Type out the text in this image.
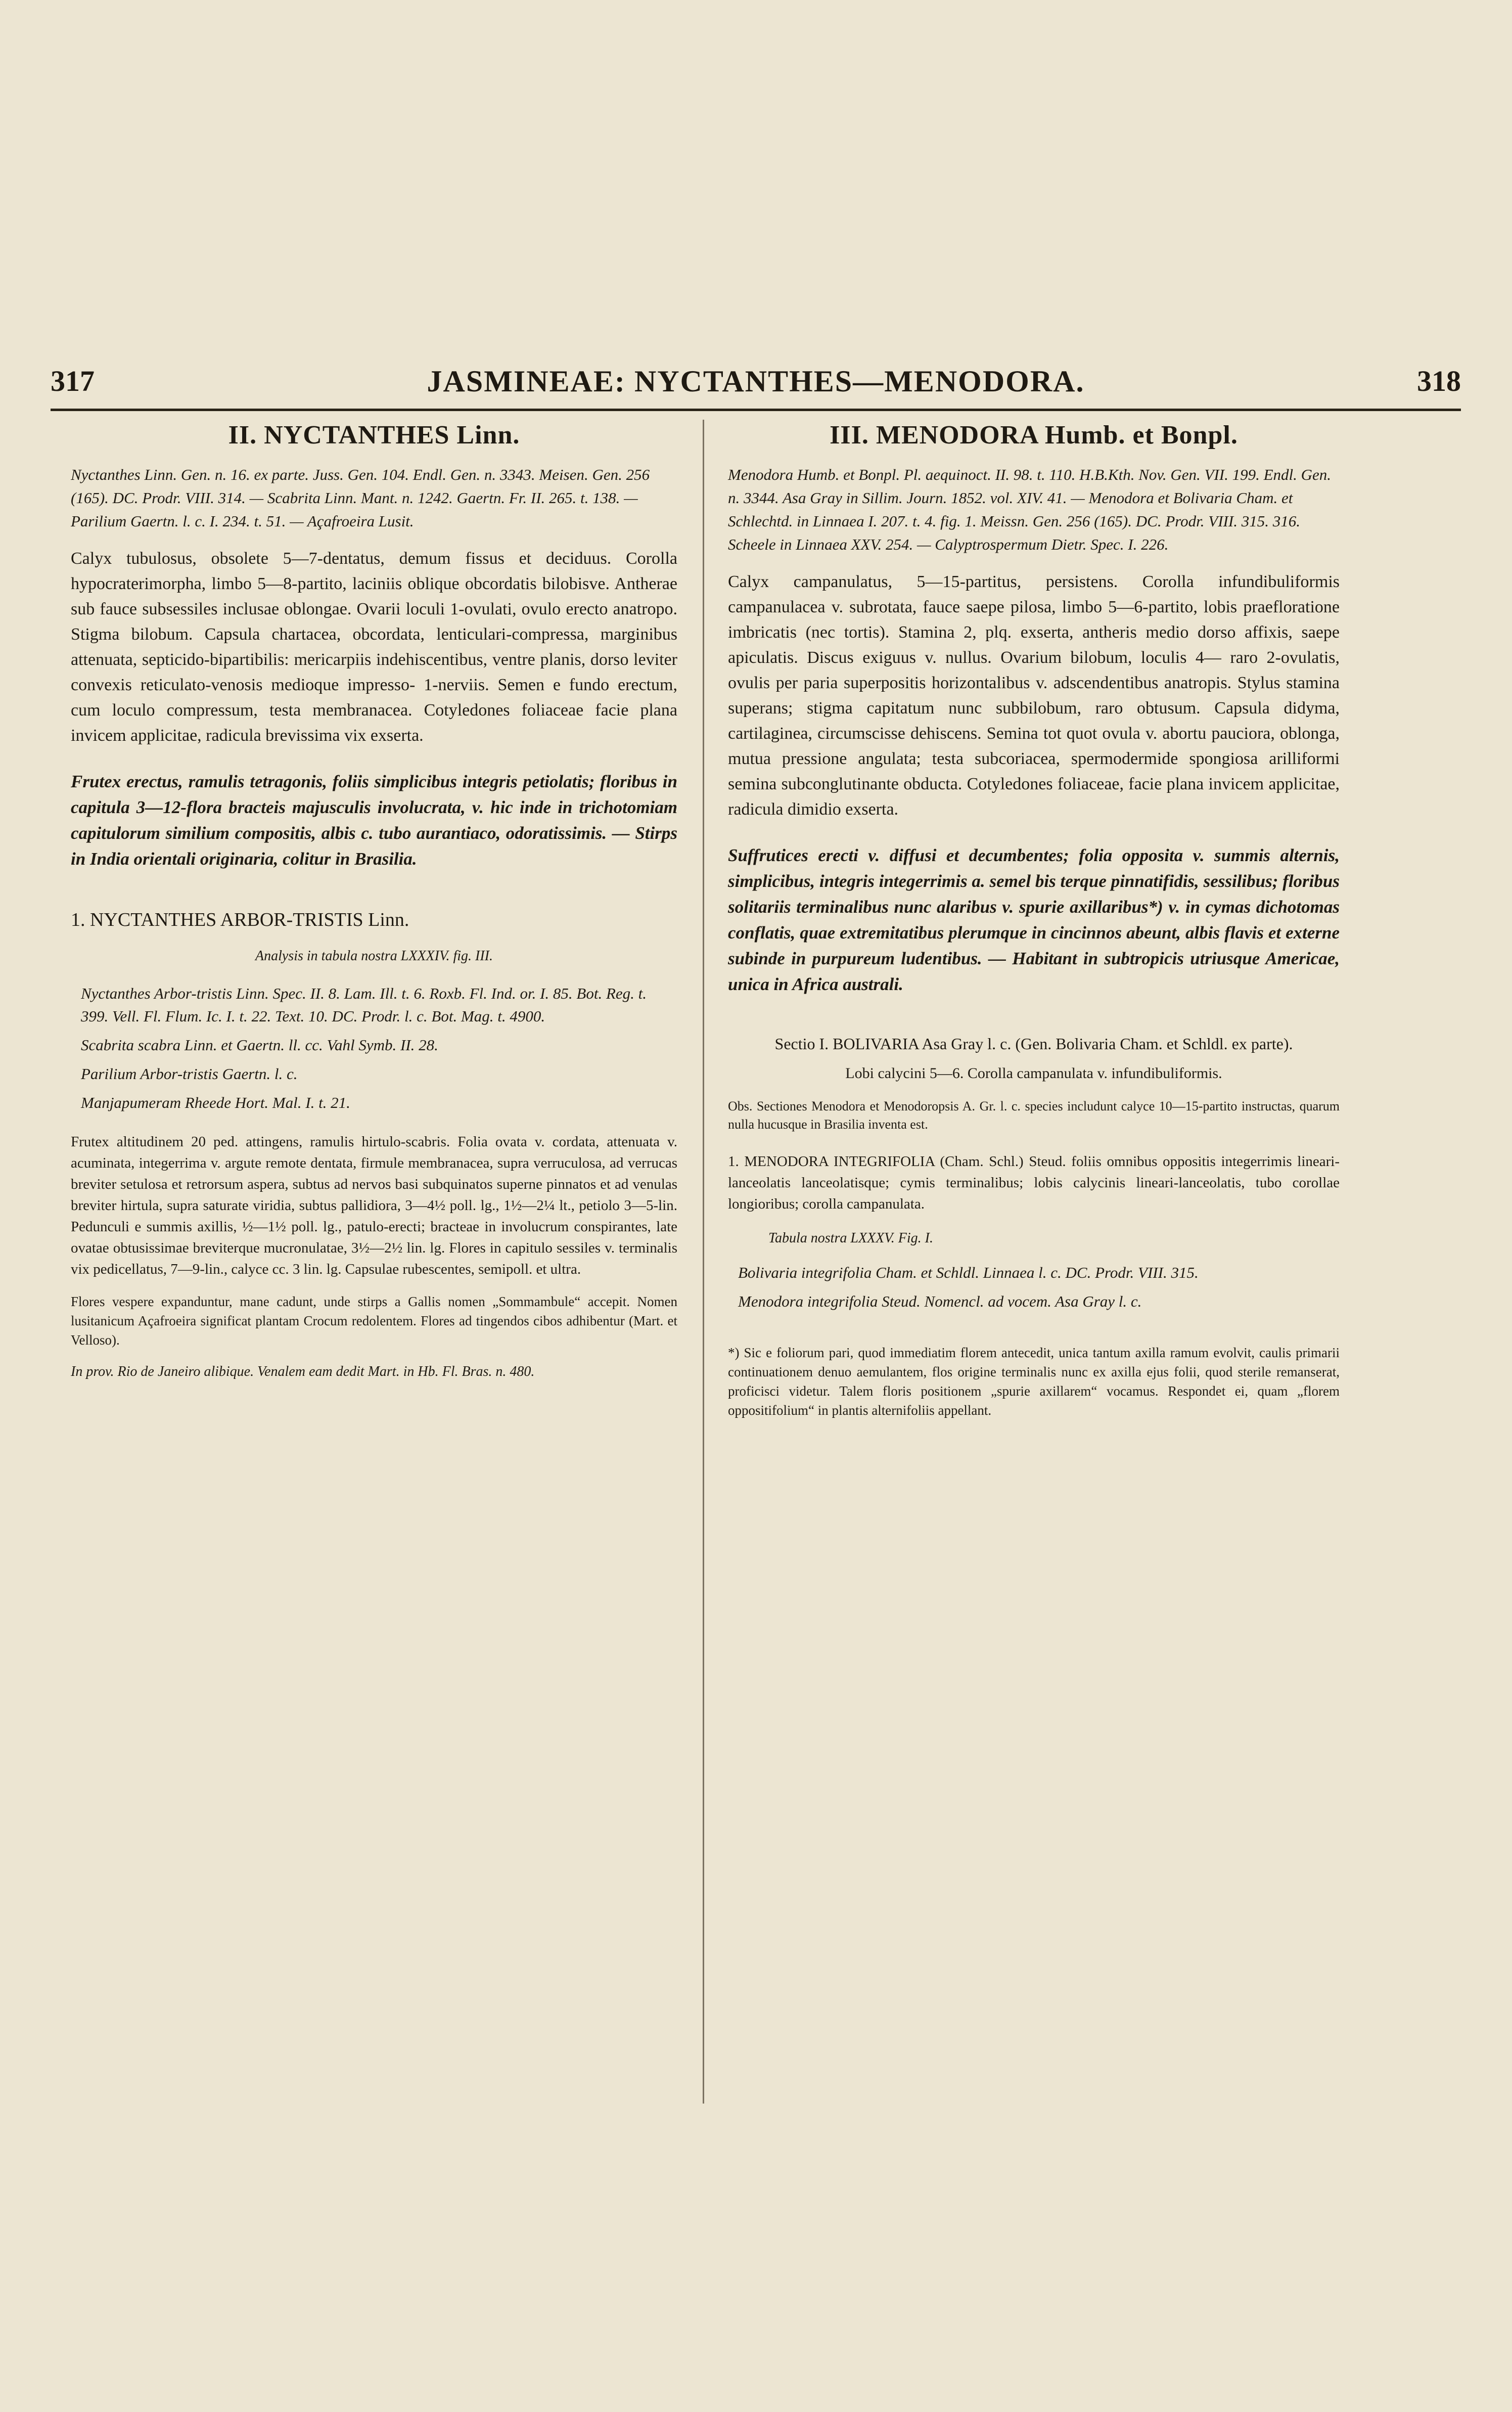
317	JASMINEAE: NYCTANTHES—MENODORA.	318
II. NYCTANTHES Linn.

Nyctanthes Linn. Gen. n. 16. ex parte. Juss. Gen. 104. Endl. Gen. n. 3343. Meisen. Gen. 256 (165). DC. Prodr. VIII. 314. — Scabrita Linn. Mant. n. 1242. Gaertn. Fr. II. 265. t. 138. — Parilium Gaertn. l. c. I. 234. t. 51. — Açafroeira Lusit.

Calyx tubulosus, obsolete 5—7-dentatus, demum fissus et deciduus. Corolla hypocraterimorpha, limbo 5—8-partito, laciniis oblique obcordatis bilobisve. Antherae sub fauce subsessiles inclusae oblongae. Ovarii loculi 1-ovulati, ovulo erecto anatropo. Stigma bilobum. Capsula chartacea, obcordata, lenticulari-compressa, marginibus attenuata, septicido-bipartibilis: mericarpiis indehiscentibus, ventre planis, dorso leviter convexis reticulato-venosis medioque impresso- 1-nerviis. Semen e fundo erectum, cum loculo compressum, testa membranacea. Cotyledones foliaceae facie plana invicem applicitae, radicula brevissima vix exserta.

Frutex erectus, ramulis tetragonis, foliis simplicibus integris petiolatis; floribus in capitula 3—12-flora bracteis majusculis involucrata, v. hic inde in trichotomiam capitulorum similium compositis, albis c. tubo aurantiaco, odoratissimis. — Stirps in India orientali originaria, colitur in Brasilia.

1. NYCTANTHES ARBOR-TRISTIS Linn.
Analysis in tabula nostra LXXXIV. fig. III.

Nyctanthes Arbor-tristis Linn. Spec. II. 8. Lam. Ill. t. 6. Roxb. Fl. Ind. or. I. 85. Bot. Reg. t. 399. Vell. Fl. Flum. Ic. I. t. 22. Text. 10. DC. Prodr. l. c. Bot. Mag. t. 4900.

Scabrita scabra Linn. et Gaertn. ll. cc. Vahl Symb. II. 28.

Parilium Arbor-tristis Gaertn. l. c.

Manjapumeram Rheede Hort. Mal. I. t. 21.

Frutex altitudinem 20 ped. attingens, ramulis hirtulo-scabris. Folia ovata v. cordata, attenuata v. acuminata, integerrima v. argute remote dentata, firmule membranacea, supra verruculosa, ad verrucas breviter setulosa et retrorsum aspera, subtus ad nervos basi subquinatos superne pinnatos et ad venulas breviter hirtula, supra saturate viridia, subtus pallidiora, 3—4½ poll. lg., 1½—2¼ lt., petiolo 3—5-lin. Pedunculi e summis axillis, ½—1½ poll. lg., patulo-erecti; bracteae in involucrum conspirantes, late ovatae obtusissimae breviterque mucronulatae, 3½—2½ lin. lg. Flores in capitulo sessiles v. terminalis vix pedicellatus, 7—9-lin., calyce cc. 3 lin. lg. Capsulae rubescentes, semipoll. et ultra.

Flores vespere expanduntur, mane cadunt, unde stirps a Gallis nomen „Sommambule“ accepit. Nomen lusitanicum Açafroeira significat plantam Crocum redolentem. Flores ad tingendos cibos adhibentur (Mart. et Velloso).

In prov. Rio de Janeiro alibique. Venalem eam dedit Mart. in Hb. Fl. Bras. n. 480.

III. MENODORA Humb. et Bonpl.

Menodora Humb. et Bonpl. Pl. aequinoct. II. 98. t. 110. H.B.Kth. Nov. Gen. VII. 199. Endl. Gen. n. 3344. Asa Gray in Sillim. Journ. 1852. vol. XIV. 41. — Menodora et Bolivaria Cham. et Schlechtd. in Linnaea I. 207. t. 4. fig. 1. Meissn. Gen. 256 (165). DC. Prodr. VIII. 315. 316. Scheele in Linnaea XXV. 254. — Calyptrospermum Dietr. Spec. I. 226.

Calyx campanulatus, 5—15-partitus, persistens. Corolla infundibuliformis campanulacea v. subrotata, fauce saepe pilosa, limbo 5—6-partito, lobis praefloratione imbricatis (nec tortis). Stamina 2, plq. exserta, antheris medio dorso affixis, saepe apiculatis. Discus exiguus v. nullus. Ovarium bilobum, loculis 4— raro 2-ovulatis, ovulis per paria superpositis horizontalibus v. adscendentibus anatropis. Stylus stamina superans; stigma capitatum nunc subbilobum, raro obtusum. Capsula didyma, cartilaginea, circumscisse dehiscens. Semina tot quot ovula v. abortu pauciora, oblonga, mutua pressione angulata; testa subcoriacea, spermodermide spongiosa arilliformi semina subconglutinante obducta. Cotyledones foliaceae, facie plana invicem applicitae, radicula dimidio exserta.

Suffrutices erecti v. diffusi et decumbentes; folia opposita v. summis alternis, simplicibus, integris integerrimis a. semel bis terque pinnatifidis, sessilibus; floribus solitariis terminalibus nunc alaribus v. spurie axillaribus*) v. in cymas dichotomas conflatis, quae extremitatibus plerumque in cincinnos abeunt, albis flavis et externe subinde in purpureum ludentibus. — Habitant in subtropicis utriusque Americae, unica in Africa australi.

Sectio I. BOLIVARIA Asa Gray l. c. (Gen. Bolivaria Cham. et Schldl. ex parte).
Lobi calycini 5—6. Corolla campanulata v. infundibuliformis.

Obs. Sectiones Menodora et Menodoropsis A. Gr. l. c. species includunt calyce 10—15-partito instructas, quarum nulla hucusque in Brasilia inventa est.

1. MENODORA INTEGRIFOLIA (Cham. Schl.) Steud. foliis omnibus oppositis integerrimis lineari-lanceolatis lanceolatisque; cymis terminalibus; lobis calycinis lineari-lanceolatis, tubo corollae longioribus; corolla campanulata.

Tabula nostra LXXXV. Fig. I.

Bolivaria integrifolia Cham. et Schldl. Linnaea l. c. DC. Prodr. VIII. 315.

Menodora integrifolia Steud. Nomencl. ad vocem. Asa Gray l. c.

*) Sic e foliorum pari, quod immediatim florem antecedit, unica tantum axilla ramum evolvit, caulis primarii continuationem denuo aemulantem, flos origine terminalis nunc ex axilla ejus folii, quod sterile remanserat, proficisci videtur. Talem floris positionem „spurie axillarem“ vocamus. Respondet ei, quam „florem oppositifolium“ in plantis alternifoliis appellant.
